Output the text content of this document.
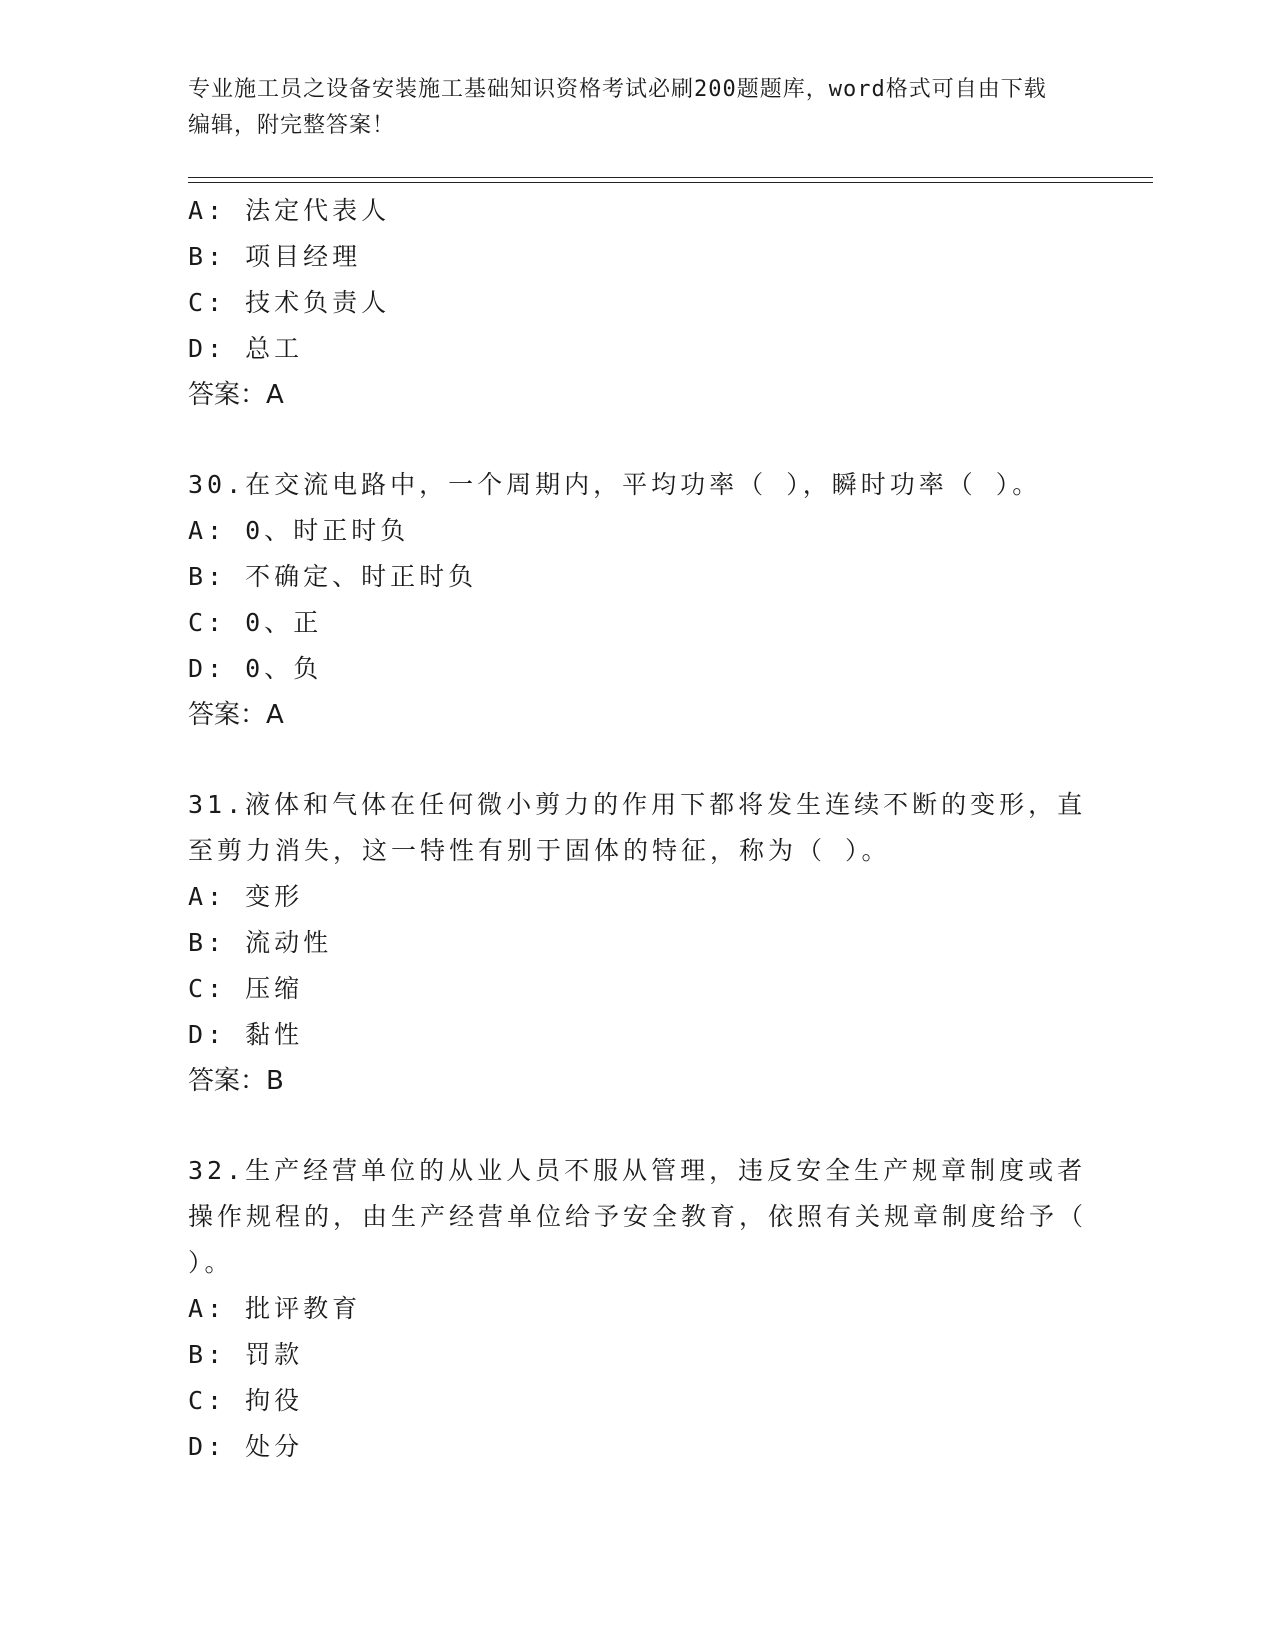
专业施工员之设备安装施工基础知识资格考试必刷200题题库，word格式可自由下载编辑，附完整答案！
A: 法定代表人
B: 项目经理
C: 技术负责人
D: 总工
答案：A
30.在交流电路中，一个周期内，平均功率（ ），瞬时功率（ ）。
A: 0、时正时负
B: 不确定、时正时负
C: 0、正
D: 0、负
答案：A
31.液体和气体在任何微小剪力的作用下都将发生连续不断的变形，直至剪力消失，这一特性有别于固体的特征，称为（ ）。
A: 变形
B: 流动性
C: 压缩
D: 黏性
答案：B
32.生产经营单位的从业人员不服从管理，违反安全生产规章制度或者操作规程的，由生产经营单位给予安全教育，依照有关规章制度给予（ ）。
A: 批评教育
B: 罚款
C: 拘役
D: 处分
